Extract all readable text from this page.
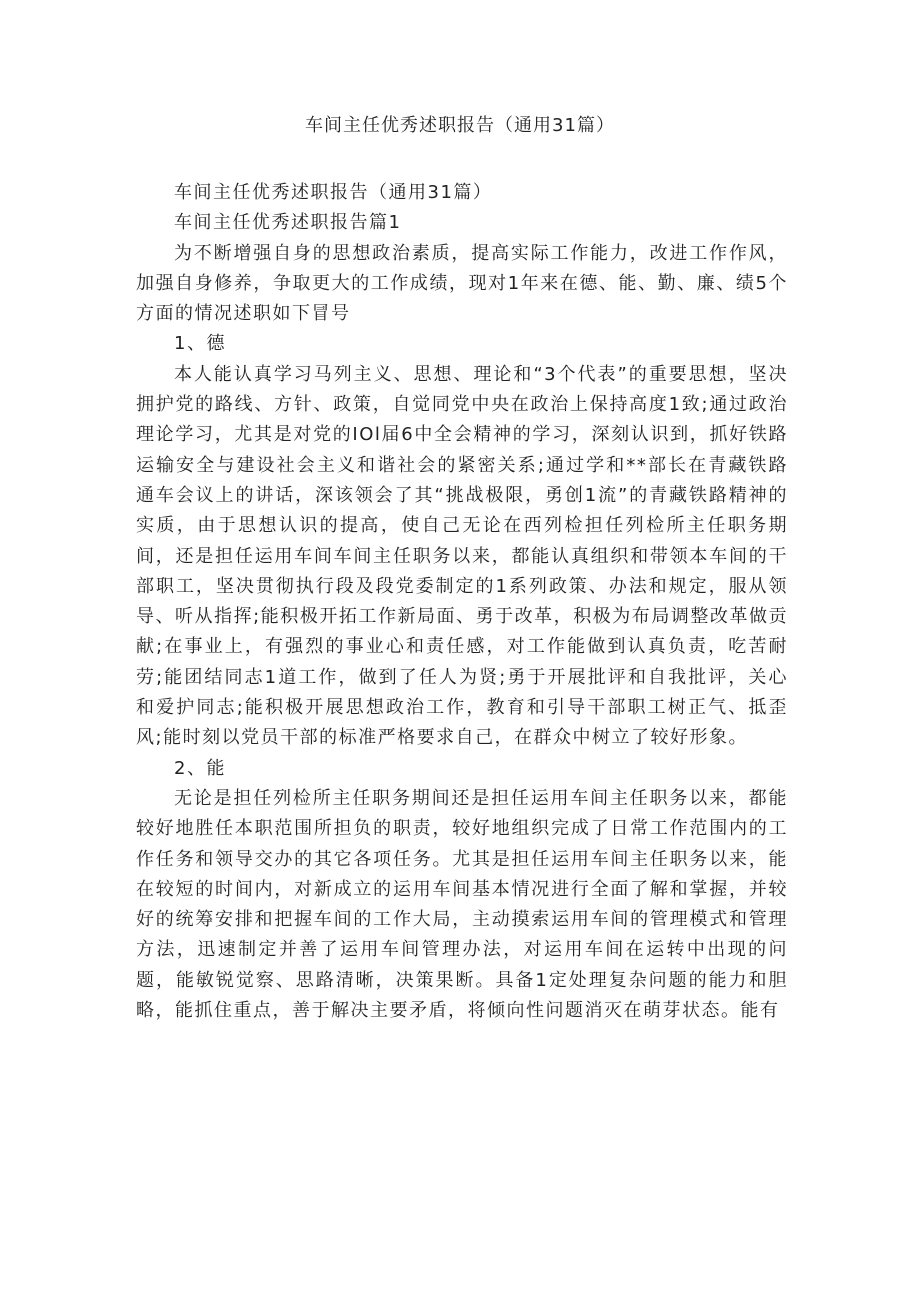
车间主任优秀述职报告（通用31篇）

车间主任优秀述职报告（通用31篇）

车间主任优秀述职报告篇1

为不断增强自身的思想政治素质，提高实际工作能力，改进工作作风，加强自身修养，争取更大的工作成绩，现对1年来在德、能、勤、廉、绩5个方面的情况述职如下冒号

1、德

本人能认真学习马列主义、思想、理论和“3个代表”的重要思想，坚决拥护党的路线、方针、政策，自觉同党中央在政治上保持高度1致;通过政治理论学习，尤其是对党的IOl届6中全会精神的学习，深刻认识到，抓好铁路运输安全与建设社会主义和谐社会的紧密关系;通过学和**部长在青藏铁路通车会议上的讲话，深该领会了其“挑战极限，勇创1流”的青藏铁路精神的实质，由于思想认识的提高，使自己无论在西列检担任列检所主任职务期间，还是担任运用车间车间主任职务以来，都能认真组织和带领本车间的干部职工，坚决贯彻执行段及段党委制定的1系列政策、办法和规定，服从领导、听从指挥;能积极开拓工作新局面、勇于改革，积极为布局调整改革做贡献;在事业上，有强烈的事业心和责任感，对工作能做到认真负责，吃苦耐劳;能团结同志1道工作，做到了任人为贤;勇于开展批评和自我批评，关心和爱护同志;能积极开展思想政治工作，教育和引导干部职工树正气、抵歪风;能时刻以党员干部的标准严格要求自己，在群众中树立了较好形象。

2、能

无论是担任列检所主任职务期间还是担任运用车间主任职务以来，都能较好地胜任本职范围所担负的职责，较好地组织完成了日常工作范围内的工作任务和领导交办的其它各项任务。尤其是担任运用车间主任职务以来，能在较短的时间内，对新成立的运用车间基本情况进行全面了解和掌握，并较好的统筹安排和把握车间的工作大局，主动摸索运用车间的管理模式和管理方法，迅速制定并善了运用车间管理办法，对运用车间在运转中出现的问题，能敏锐觉察、思路清晰，决策果断。具备1定处理复杂问题的能力和胆略，能抓住重点，善于解决主要矛盾，将倾向性问题消灭在萌芽状态。能有
